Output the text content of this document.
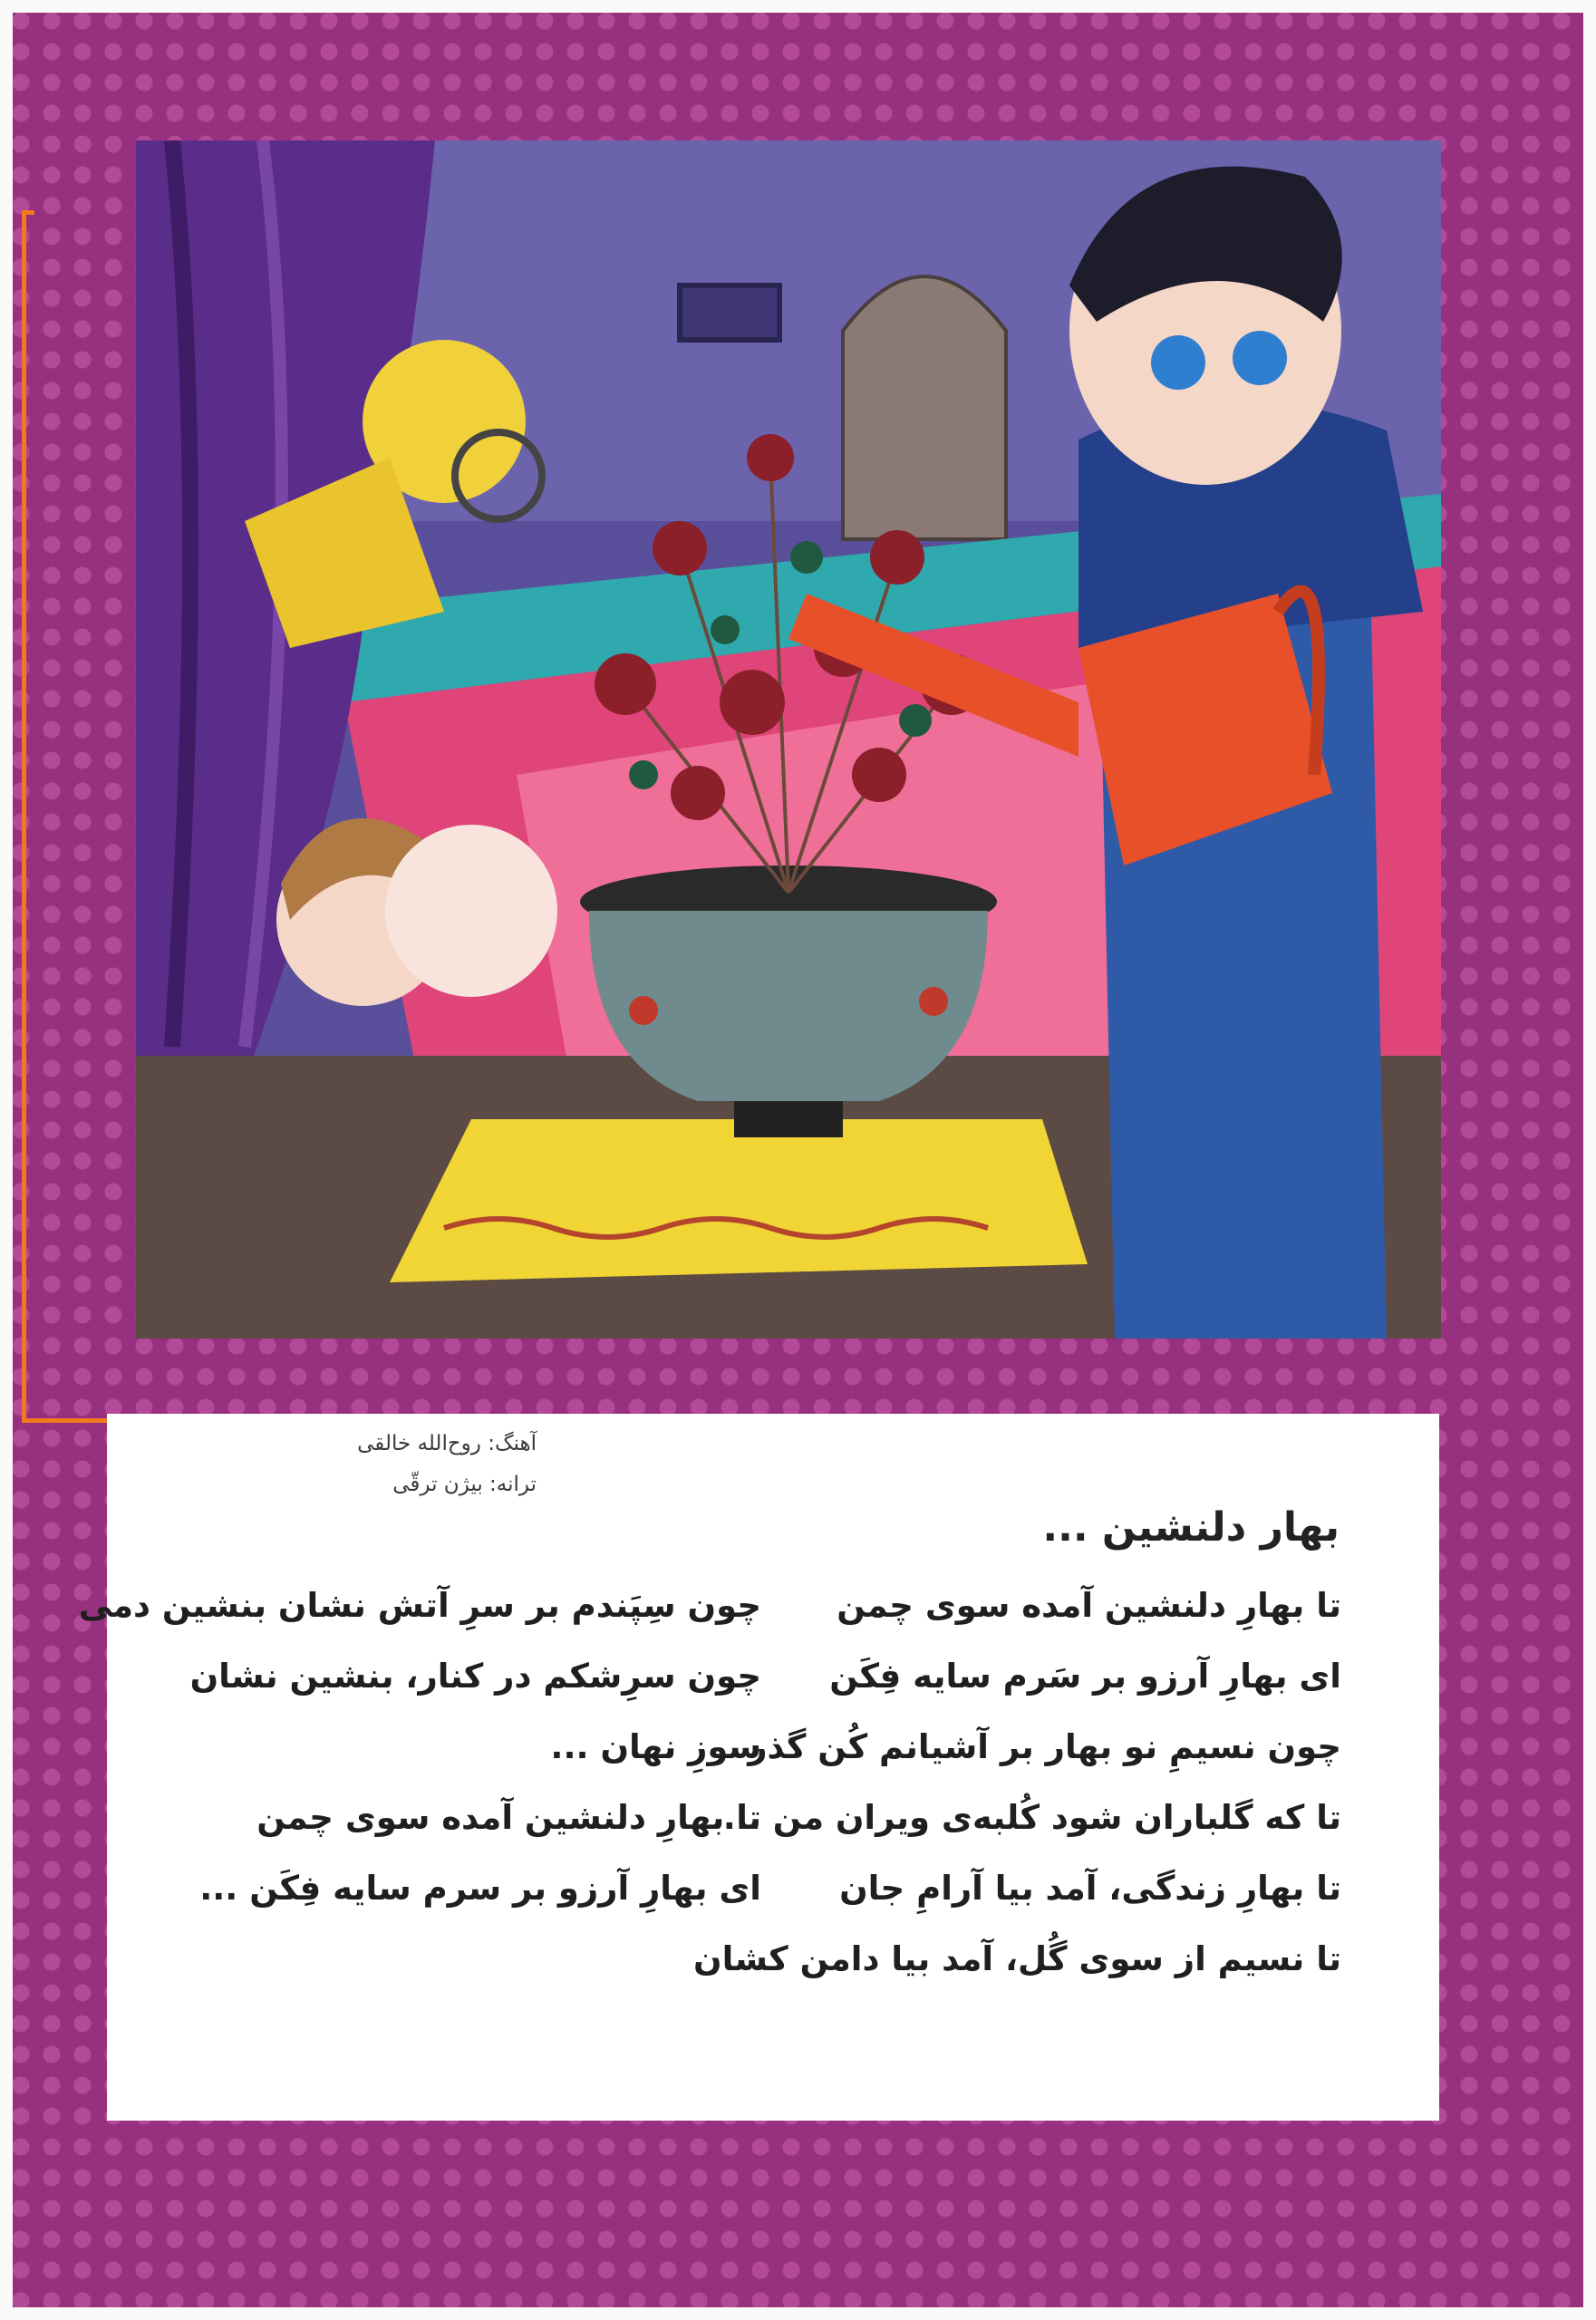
آهنگ: روح‌الله خالقی
ترانه: بیژن ترقّی
بهار دلنشین ...
تا بهارِ دلنشین آمده سوی چمن
ای بهارِ آرزو بر سَرم سایه فِکَن
چون نسیمِ نو بهار بر آشیانم کُن گذر
تا که گلباران شود کُلبه‌ی ویران من ...
تا بهارِ زندگی، آمد بیا آرامِ جان
تا نسیم از سوی گُل، آمد بیا دامن کشان
چون سِپَندم بر سرِ آتش نشان بنشین دمی
چون سرِشکم در کنار، بنشین نشان
سوزِ نهان ...
تا بهارِ دلنشین آمده سوی چمن
ای بهارِ آرزو بر سرم سایه فِکَن ...
